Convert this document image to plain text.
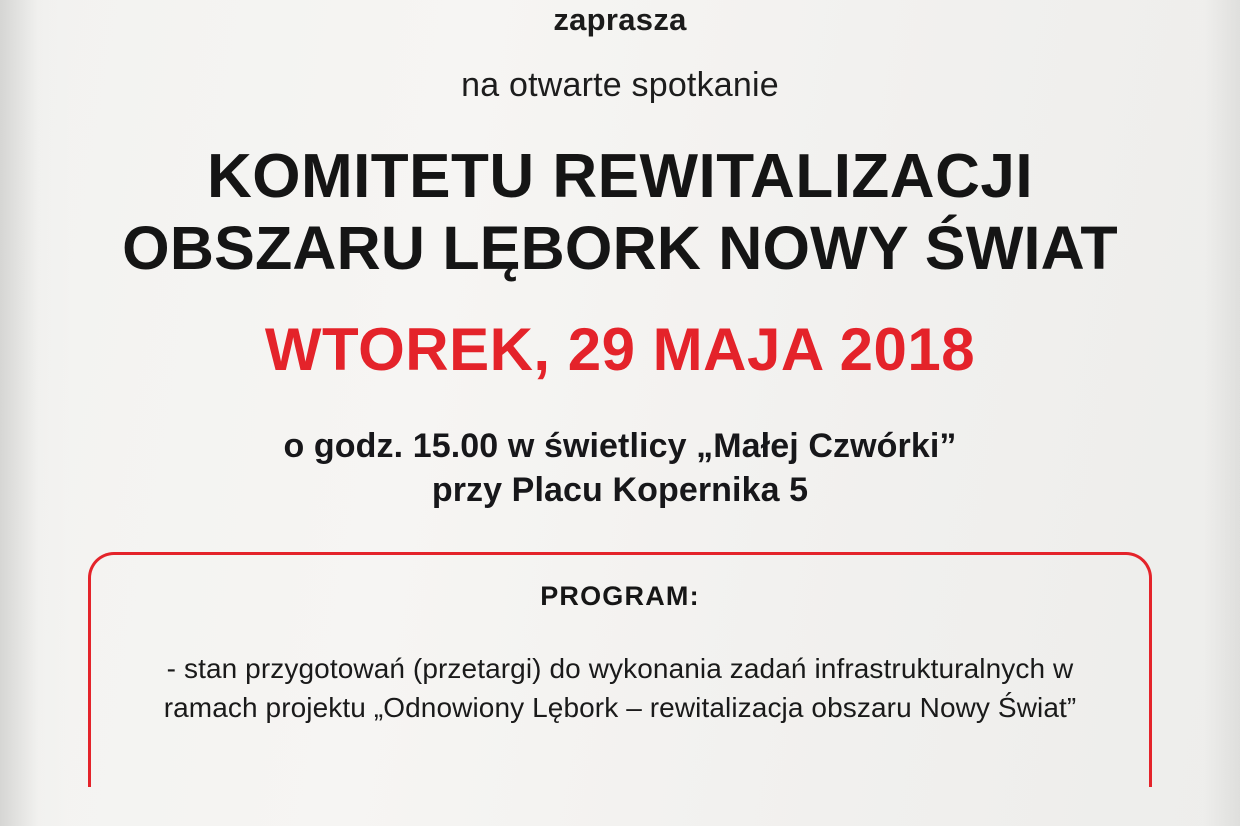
zaprasza

na otwarte spotkanie

KOMITETU REWITALIZACJI

OBSZARU LĘBORK NOWY ŚWIAT

WTOREK, 29 MAJA 2018

o godz. 15.00 w świetlicy „Małej Czwórki”

przy Placu Kopernika 5

PROGRAM:

- stan przygotowań (przetargi) do wykonania zadań infrastrukturalnych w ramach projektu „Odnowiony Lębork – rewitalizacja obszaru Nowy Świat”
